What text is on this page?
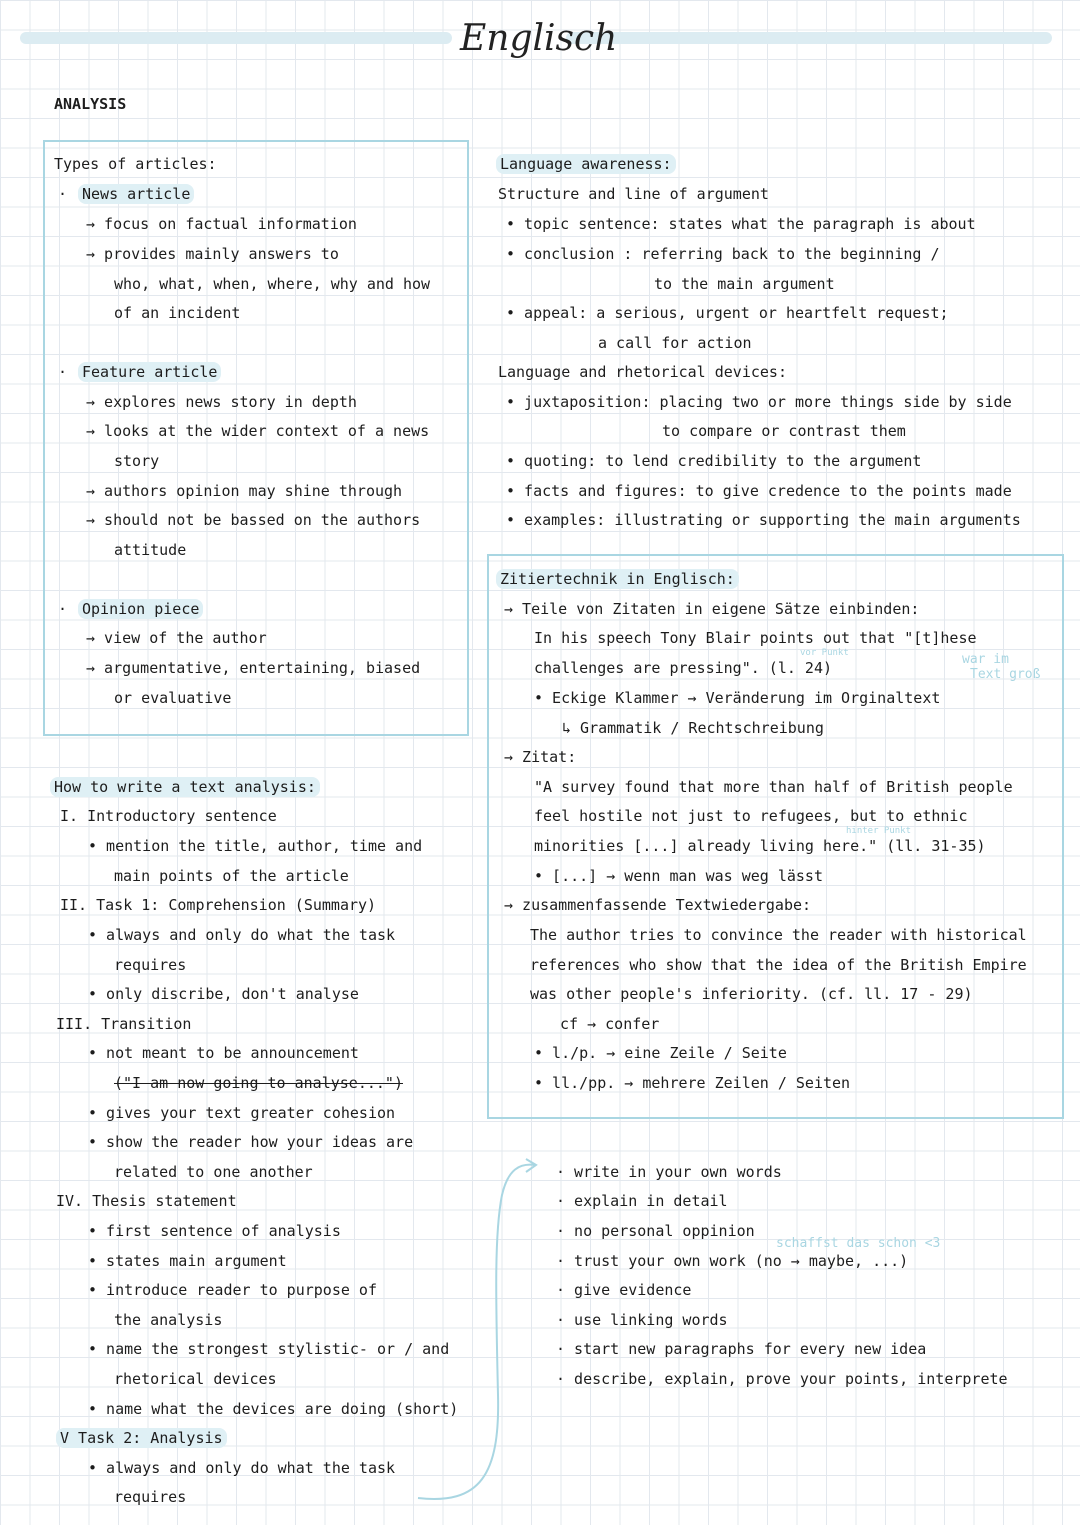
Englisch
ANALYSIS
Types of articles:
· News article
→ focus on factual information
→ provides mainly answers to
who, what, when, where, why and how
of an incident
· Feature article
→ explores news story in depth
→ looks at the wider context of a news
story
→ authors opinion may shine through
→ should not be bassed on the authors
attitude
· Opinion piece
→ view of the author
→ argumentative, entertaining, biased
or evaluative
Language awareness:
Structure and line of argument
• topic sentence: states what the paragraph is about
• conclusion : referring back to the beginning /
to the main argument
• appeal: a serious, urgent or heartfelt request;
a call for action
Language and rhetorical devices:
• juxtaposition: placing two or more things side by side
to compare or contrast them
• quoting: to lend credibility to the argument
• facts and figures: to give credence to the points made
• examples: illustrating or supporting the main arguments
Zitiertechnik in Englisch:
→ Teile von Zitaten in eigene Sätze einbinden:
In his speech Tony Blair points out that "[t]hese
challenges are pressing". (l. 24)
vor Punkt	war im
Text groß
• Eckige Klammer → Veränderung im Orginaltext
↳ Grammatik / Rechtschreibung
→ Zitat:
"A survey found that more than half of British people
feel hostile not just to refugees, but to ethnic
hinter Punkt
minorities [...] already living here." (ll. 31-35)
• [...] → wenn man was weg lässt
→ zusammenfassende Textwiedergabe:
The author tries to convince the reader with historical
references who show that the idea of the British Empire
was other people's inferiority. (cf. ll. 17 - 29)
cf → confer
• l./p. → eine Zeile / Seite
• ll./pp. → mehrere Zeilen / Seiten
How to write a text analysis:
I. Introductory sentence
• mention the title, author, time and
main points of the article
II. Task 1: Comprehension (Summary)
• always and only do what the task
requires
• only discribe, don't analyse
III. Transition
• not meant to be announcement
("I am now going to analyse...")
• gives your text greater cohesion
• show the reader how your ideas are
related to one another
IV. Thesis statement
• first sentence of analysis
• states main argument
• introduce reader to purpose of
the analysis
• name the strongest stylistic- or / and
rhetorical devices
• name what the devices are doing (short)
V Task 2: Analysis
• always and only do what the task
requires
· write in your own words
· explain in detail
· no personal oppinion
schaffst das schon <3
· trust your own work (no → maybe, ...)
· give evidence
· use linking words
· start new paragraphs for every new idea
· describe, explain, prove your points, interprete
